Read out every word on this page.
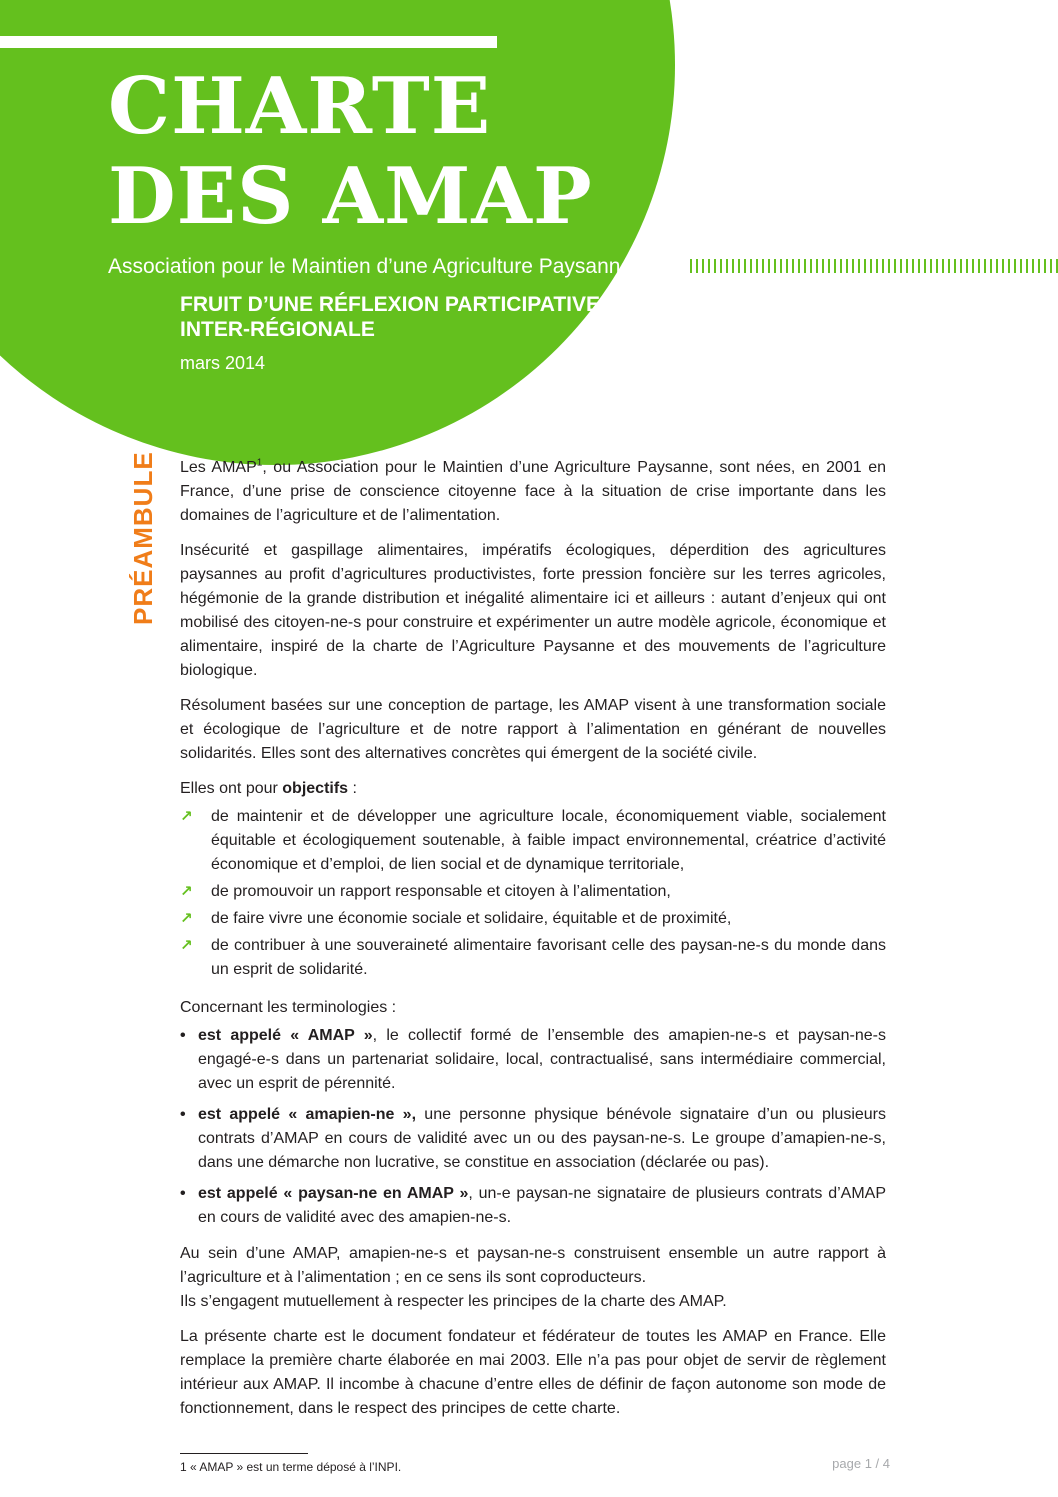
CHARTE
DES AMAP
Association pour le Maintien d’une Agriculture Paysanne
FRUIT D’UNE RÉFLEXION PARTICIPATIVE
INTER-RÉGIONALE
mars 2014
PRÉAMBULE Les AMAP$^1$, ou Association pour le Maintien d’une Agriculture Paysanne, sont nées, en 2001 en France, d’une prise de conscience citoyenne face à la situation de crise importante dans les domaines de l’agriculture et de l’alimentation.

Insécurité et gaspillage alimentaires, impératifs écologiques, déperdition des agricultures paysannes au profit d’agricultures productivistes, forte pression foncière sur les terres agricoles, hégémonie de la grande distribution et inégalité alimentaire ici et ailleurs : autant d’enjeux qui ont mobilisé des citoyen-ne-s pour construire et expérimenter un autre modèle agricole, économique et alimentaire, inspiré de la charte de l’Agriculture Paysanne et des mouvements de l’agriculture biologique.

Résolument basées sur une conception de partage, les AMAP visent à une transformation sociale et écologique de l’agriculture et de notre rapport à l’alimentation en générant de nouvelles solidarités. Elles sont des alternatives concrètes qui émergent de la société civile.

Elles ont pour objectifs :

↗ de maintenir et de développer une agriculture locale, économiquement viable, socialement équitable et écologiquement soutenable, à faible impact environnemental, créatrice d’activité économique et d’emploi, de lien social et de dynamique territoriale,
↗ de promouvoir un rapport responsable et citoyen à l’alimentation,
↗ de faire vivre une économie sociale et solidaire, équitable et de proximité,
↗ de contribuer à une souveraineté alimentaire favorisant celle des paysan-ne-s du monde dans un esprit de solidarité.

Concernant les terminologies :

• est appelé « AMAP », le collectif formé de l’ensemble des amapien-ne-s et paysan-ne-s engagé-e-s dans un partenariat solidaire, local, contractualisé, sans intermédiaire commercial, avec un esprit de pérennité.
• est appelé « amapien-ne », une personne physique bénévole signataire d’un ou plusieurs contrats d’AMAP en cours de validité avec un ou des paysan-ne-s. Le groupe d’amapien-ne-s, dans une démarche non lucrative, se constitue en association (déclarée ou pas).
• est appelé « paysan-ne en AMAP », un-e paysan-ne signataire de plusieurs contrats d’AMAP en cours de validité avec des amapien-ne-s.

Au sein d’une AMAP, amapien-ne-s et paysan-ne-s construisent ensemble un autre rapport à l’agriculture et à l’alimentation ; en ce sens ils sont coproducteurs.

Ils s’engagent mutuellement à respecter les principes de la charte des AMAP.

La présente charte est le document fondateur et fédérateur de toutes les AMAP en France. Elle remplace la première charte élaborée en mai 2003. Elle n’a pas pour objet de servir de règlement intérieur aux AMAP. Il incombe à chacune d’entre elles de définir de façon autonome son mode de fonctionnement, dans le respect des principes de cette charte.

1 « AMAP » est un terme déposé à l’INPI.	page 1 / 4
